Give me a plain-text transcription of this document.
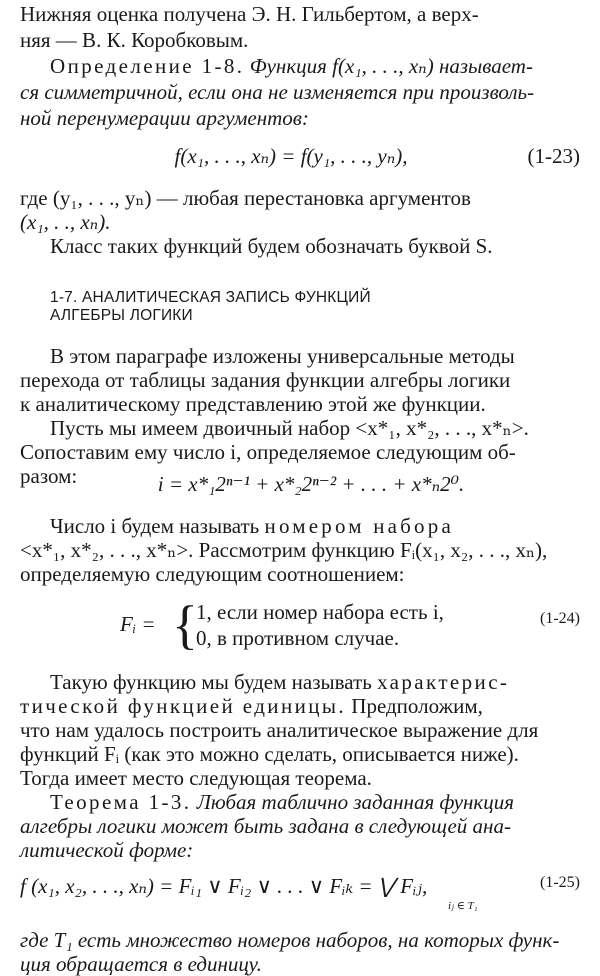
Нижняя оценка получена Э. Н. Гильбертом, а верх-

няя — В. К. Коробковым.

Определение 1-8. Функция f(x₁, . . ., xₙ) называет-

ся симметричной, если она не изменяется при произволь-

ной перенумерации аргументов:

f(x₁, . . ., xₙ) = f(y₁, . . ., yₙ),	(1-23)

где (y₁, . . ., yₙ) — любая перестановка аргументов

(x₁, . ., xₙ).

Класс таких функций будем обозначать буквой S.

1-7. АНАЛИТИЧЕСКАЯ ЗАПИСЬ ФУНКЦИЙ
АЛГЕБРЫ ЛОГИКИ

В этом параграфе изложены универсальные методы

перехода от таблицы задания функции алгебры логики

к аналитическому представлению этой же функции.

Пусть мы имеем двоичный набор <x*₁, x*₂, . . ., x*ₙ>.

Сопоставим ему число i, определяемое следующим об-

разом:	i = x*₁2ⁿ⁻¹ + x*₂2ⁿ⁻² + . . . + x*ₙ2⁰.

Число i будем называть номером набора

<x*₁, x*₂, . . ., x*ₙ>. Рассмотрим функцию Fᵢ(x₁, x₂, . . ., xₙ),

определяемую следующим соотношением:

Fᵢ = {
1, если номер набора есть i,
0, в противном случае.
(1-24)

Такую функцию мы будем называть характерис-

тической функцией единицы. Предположим,

что нам удалось построить аналитическое выражение для

функций Fᵢ (как это можно сделать, описывается ниже).

Тогда имеет место следующая теорема.

Теорема 1-3. Любая таблично заданная функция

алгебры логики может быть задана в следующей ана-

литической форме:

f (x₁, x₂, . . ., xₙ) = Fᵢ₁ ∨ Fᵢ₂ ∨ . . . ∨ Fᵢₖ = ⋁ Fᵢⱼ,
iⱼ ∈ T₁
(1-25)

где T₁ есть множество номеров наборов, на которых функ-

ция обращается в единицу.
